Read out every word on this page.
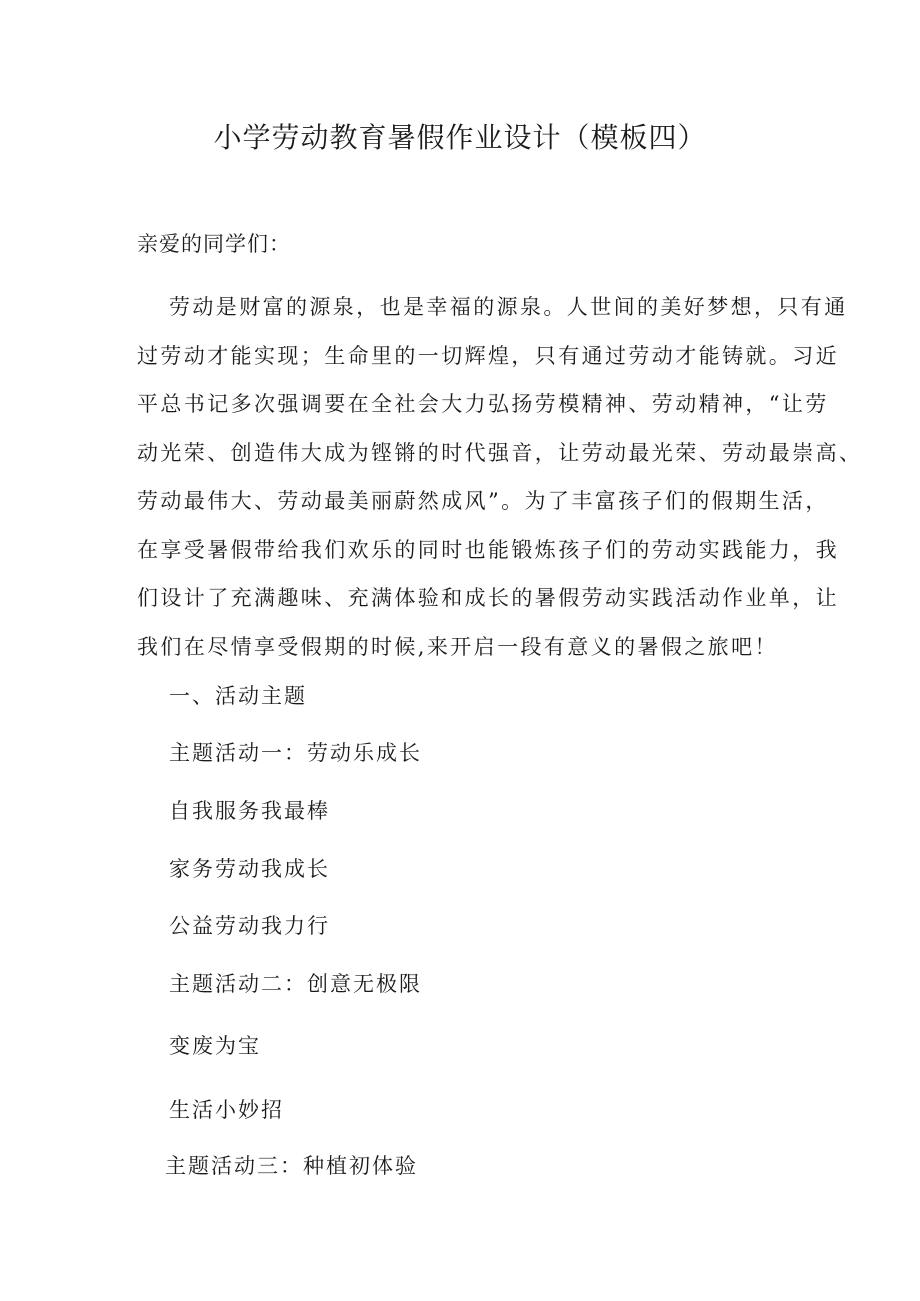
小学劳动教育暑假作业设计（模板四）
亲爱的同学们：
劳动是财富的源泉，也是幸福的源泉。人世间的美好梦想，只有通
过劳动才能实现；生命里的一切辉煌，只有通过劳动才能铸就。习近
平总书记多次强调要在全社会大力弘扬劳模精神、劳动精神，“让劳
动光荣、创造伟大成为铿锵的时代强音，让劳动最光荣、劳动最崇高、
劳动最伟大、劳动最美丽蔚然成风”。为了丰富孩子们的假期生活，
在享受暑假带给我们欢乐的同时也能锻炼孩子们的劳动实践能力，我
们设计了充满趣味、充满体验和成长的暑假劳动实践活动作业单，让
我们在尽情享受假期的时候,来开启一段有意义的暑假之旅吧！
一、活动主题
主题活动一：劳动乐成长
自我服务我最棒
家务劳动我成长
公益劳动我力行
主题活动二：创意无极限
变废为宝
生活小妙招
主题活动三：种植初体验
